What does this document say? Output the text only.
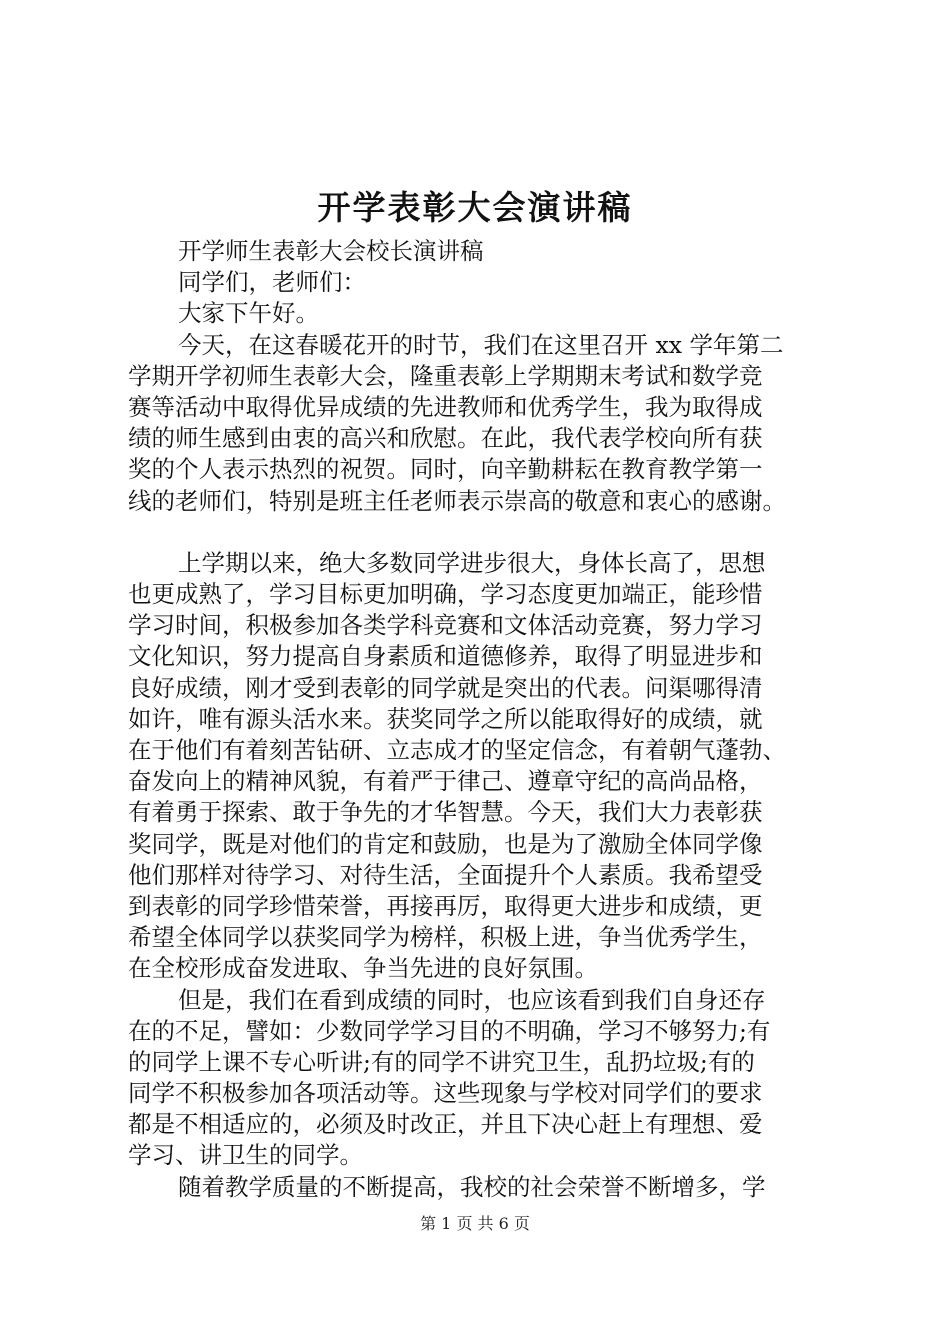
开学表彰大会演讲稿
开学师生表彰大会校长演讲稿
同学们，老师们：
大家下午好。
今天，在这春暖花开的时节，我们在这里召开 xx 学年第二
学期开学初师生表彰大会，隆重表彰上学期期末考试和数学竞
赛等活动中取得优异成绩的先进教师和优秀学生，我为取得成
绩的师生感到由衷的高兴和欣慰。在此，我代表学校向所有获
奖的个人表示热烈的祝贺。同时，向辛勤耕耘在教育教学第一
线的老师们，特别是班主任老师表示崇高的敬意和衷心的感谢。
上学期以来，绝大多数同学进步很大，身体长高了，思想
也更成熟了，学习目标更加明确，学习态度更加端正，能珍惜
学习时间，积极参加各类学科竞赛和文体活动竞赛，努力学习
文化知识，努力提高自身素质和道德修养，取得了明显进步和
良好成绩，刚才受到表彰的同学就是突出的代表。问渠哪得清
如许，唯有源头活水来。获奖同学之所以能取得好的成绩，就
在于他们有着刻苦钻研、立志成才的坚定信念，有着朝气蓬勃、
奋发向上的精神风貌，有着严于律己、遵章守纪的高尚品格，
有着勇于探索、敢于争先的才华智慧。今天，我们大力表彰获
奖同学，既是对他们的肯定和鼓励，也是为了激励全体同学像
他们那样对待学习、对待生活，全面提升个人素质。我希望受
到表彰的同学珍惜荣誉，再接再厉，取得更大进步和成绩，更
希望全体同学以获奖同学为榜样，积极上进，争当优秀学生，
在全校形成奋发进取、争当先进的良好氛围。
但是，我们在看到成绩的同时，也应该看到我们自身还存
在的不足，譬如：少数同学学习目的不明确，学习不够努力;有
的同学上课不专心听讲;有的同学不讲究卫生，乱扔垃圾;有的
同学不积极参加各项活动等。这些现象与学校对同学们的要求
都是不相适应的，必须及时改正，并且下决心赶上有理想、爱
学习、讲卫生的同学。
随着教学质量的不断提高，我校的社会荣誉不断增多，学
第 1 页 共 6 页
